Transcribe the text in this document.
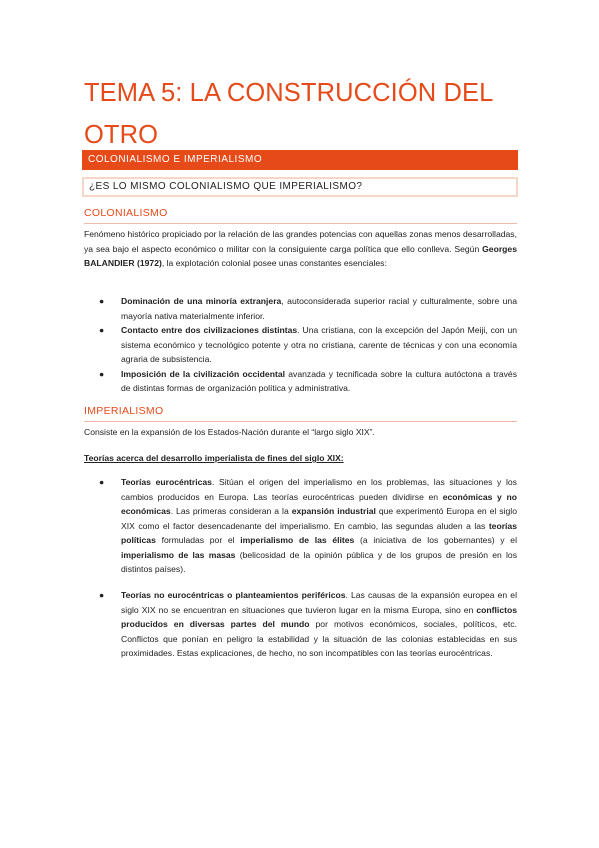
TEMA 5: LA CONSTRUCCIÓN DEL OTRO
COLONIALISMO E IMPERIALISMO
¿ES LO MISMO COLONIALISMO QUE IMPERIALISMO?
COLONIALISMO

Fenómeno histórico propiciado por la relación de las grandes potencias con aquellas zonas menos desarrolladas, ya sea bajo el aspecto económico o militar con la consiguiente carga política que ello conlleva. Según Georges BALANDIER (1972), la explotación colonial posee unas constantes esenciales:

● Dominación de una minoría extranjera, autoconsiderada superior racial y culturalmente, sobre una mayoría nativa materialmente inferior.
● Contacto entre dos civilizaciones distintas. Una cristiana, con la excepción del Japón Meiji, con un sistema económico y tecnológico potente y otra no cristiana, carente de técnicas y con una economía agraria de subsistencia.
● Imposición de la civilización occidental avanzada y tecnificada sobre la cultura autóctona a través de distintas formas de organización política y administrativa.
IMPERIALISMO

Consiste en la expansión de los Estados-Nación durante el “largo siglo XIX”.

Teorías acerca del desarrollo imperialista de fines del siglo XIX:

● Teorías eurocéntricas. Sitúan el origen del imperialismo en los problemas, las situaciones y los cambios producidos en Europa. Las teorías eurocéntricas pueden dividirse en económicas y no económicas. Las primeras consideran a la expansión industrial que experimentó Europa en el siglo XIX como el factor desencadenante del imperialismo. En cambio, las segundas aluden a las teorías políticas formuladas por el imperialismo de las élites (a iniciativa de los gobernantes) y el imperialismo de las masas (belicosidad de la opinión pública y de los grupos de presión en los distintos países).
● Teorías no eurocéntricas o planteamientos periféricos. Las causas de la expansión europea en el siglo XIX no se encuentran en situaciones que tuvieron lugar en la misma Europa, sino en conflictos producidos en diversas partes del mundo por motivos económicos, sociales, políticos, etc. Conflictos que ponían en peligro la estabilidad y la situación de las colonias establecidas en sus proximidades. Estas explicaciones, de hecho, no son incompatibles con las teorías eurocéntricas.
